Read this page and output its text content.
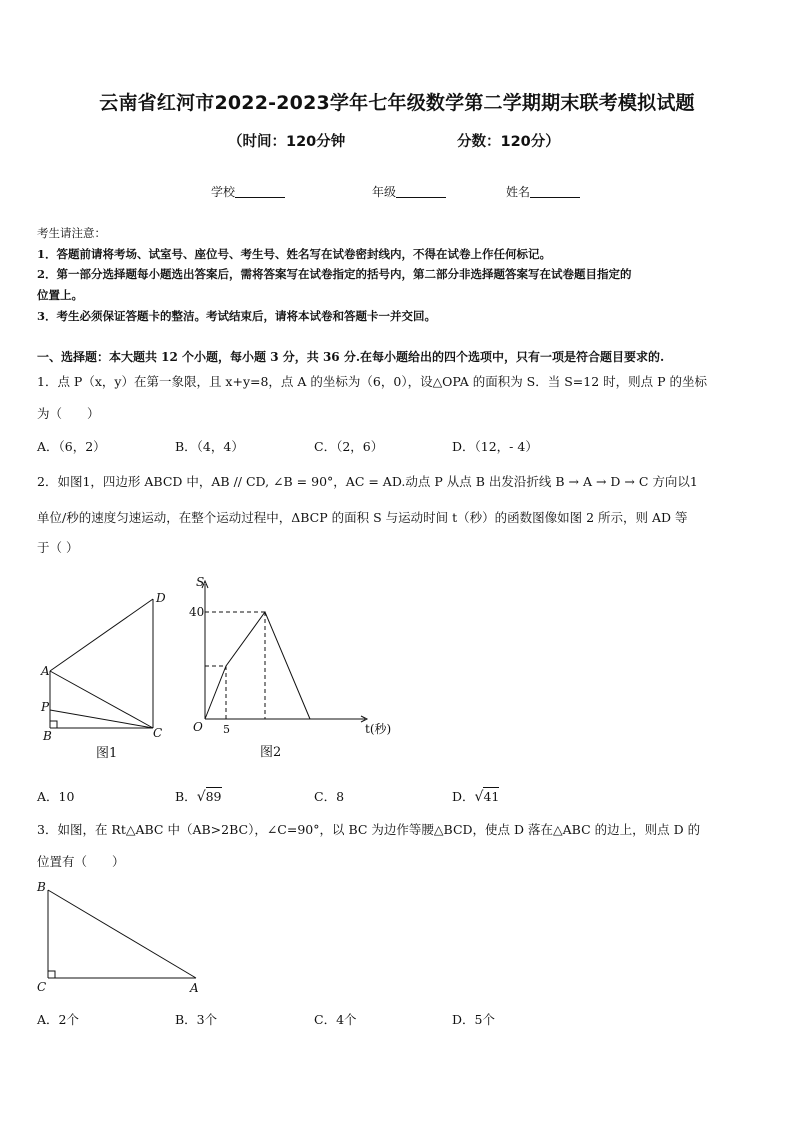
云南省红河市2022-2023学年七年级数学第二学期期末联考模拟试题
（时间：120分钟	分数：120分）
学校	年级	姓名
考生请注意：
1．答题前请将考场、试室号、座位号、考生号、姓名写在试卷密封线内，不得在试卷上作任何标记。
2．第一部分选择题每小题选出答案后，需将答案写在试卷指定的括号内，第二部分非选择题答案写在试卷题目指定的
位置上。
3．考生必须保证答题卡的整洁。考试结束后，请将本试卷和答题卡一并交回。
一、选择题：本大题共 12 个小题，每小题 3 分，共 36 分.在每小题给出的四个选项中，只有一项是符合题目要求的.
1．点 P（x，y）在第一象限，且 x+y=8，点 A 的坐标为（6，0），设△OPA 的面积为 S．当 S=12 时，则点 P 的坐标
为（　　）
A．（6，2）	B．（4，4）	C．（2，6）	D．（12，- 4）
2．如图1，四边形 ABCD 中，AB // CD, ∠B = 90°，AC = AD.动点 P 从点 B 出发沿折线 B → A → D → C 方向以1
单位/秒的速度匀速运动，在整个运动过程中，ΔBCP 的面积 S 与运动时间 t（秒）的函数图像如图 2 所示，则 AD 等
于（ ）
D
A
P
B	C
图1
S
40
O 5	t(秒)
图2
A．10	B．√89	C．8	D．√41
3．如图，在 Rt△ABC 中（AB>2BC），∠C=90°，以 BC 为边作等腰△BCD，使点 D 落在△ABC 的边上，则点 D 的
位置有（　　）
B
C	A
A．2个	B．3个	C．4个	D．5个
